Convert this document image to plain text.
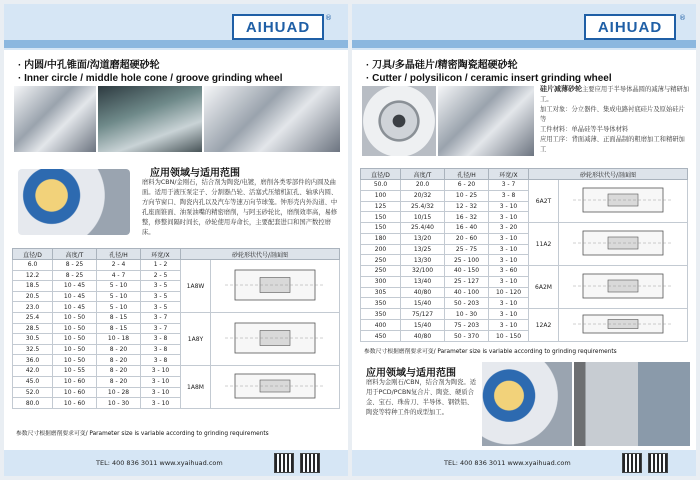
AIHUAD
®
· 内圆/中孔锥面/沟道磨超硬砂轮
· Inner circle / middle hole cone / groove grinding wheel
应用领域与适用范围
磨料为CBN/金刚石，结合剂为陶瓷/电镀，磨削各类零部件的内圆及曲面。适用于液压泵定子、分割器凸轮、活塞式压缩机缸孔、轴承内圆、方向节窗口、陶瓷内孔以及汽车等速万向节球笼。钟形壳内外沟道、中孔座面锥面、油泵油嘴的精密磨削，与阿玉砂轮比，磨削效率高，易修整，修整间隔时间长，砂轮使用寿命长，主要配套进口和国产数控磨床。
直径/D	高度/T	孔径/H	环宽/X	砂轮形状代号/剖面图	
6.0	8 - 25	2 - 4	1 - 2	1A8W	
12.2	8 - 25	4 - 7	2 - 5		
18.5	10 - 45	5 - 10	3 - 5		
20.5	10 - 45	5 - 10	3 - 5		
23.0	10 - 45	5 - 10	3 - 5		
25.4	10 - 50	8 - 15	3 - 7	1A8Y	
28.5	10 - 50	8 - 15	3 - 7		
30.5	10 - 50	10 - 18	3 - 8		
32.5	10 - 50	8 - 20	3 - 8		
36.0	10 - 50	8 - 20	3 - 8		
42.0	10 - 55	8 - 20	3 - 10	1A8M	
45.0	10 - 60	8 - 20	3 - 10		
52.0	10 - 60	10 - 28	3 - 10		
80.0	10 - 60	10 - 30	3 - 10		
参数尺寸根据磨削要求可变/ Parameter size is variable according to grinding requirements
TEL: 400 836 3011 www.xyaihuad.com
AIHUAD
®
· 刀具/多晶硅片/精密陶瓷超硬砂轮
· Cutter / polysilicon / ceramic insert grinding wheel
硅片减薄砂轮主要应用于半导体晶圆的减薄与精研加工。
加工对象：分立器件、集成电路衬底硅片及原始硅片等
工件材料：单晶硅等半导体材料
应用工序：背面减薄、正面晶制的粗磨加工和精研加工
直径/D	高度/T	孔径/H	环宽/X	砂轮形状代号/剖面图	
50.0	20.0	6 - 20	3 - 7	6A2T	
100	20/32	10 - 25	3 - 8		
125	25.4/32	12 - 32	3 - 10		
150	10/15	16 - 32	3 - 10		
150	25.4/40	16 - 40	3 - 20	11A2	
180	13/20	20 - 60	3 - 10		
200	13/25	25 - 75	3 - 10		
250	13/30	25 - 100	3 - 10		
250	32/100	40 - 150	3 - 60	6A2M	
300	13/40	25 - 127	3 - 10		
305	40/80	40 - 100	10 - 120		
350	15/40	50 - 203	3 - 10		
350	75/127	10 - 30	3 - 10	12A2	
400	15/40	75 - 203	3 - 10		
450	40/80	50 - 370	10 - 150		
参数尺寸根据磨削要求可变/ Parameter size is variable according to grinding requirements
应用领域与适用范围
磨料为金刚石/CBN，结合剂为陶瓷。适用于PCD/PCBN复合片、陶瓷、硬质合金、宝石、珠齿刀、半导体、钢铁铝、陶瓷等特种工件的成型加工。
TEL: 400 836 3011 www.xyaihuad.com
